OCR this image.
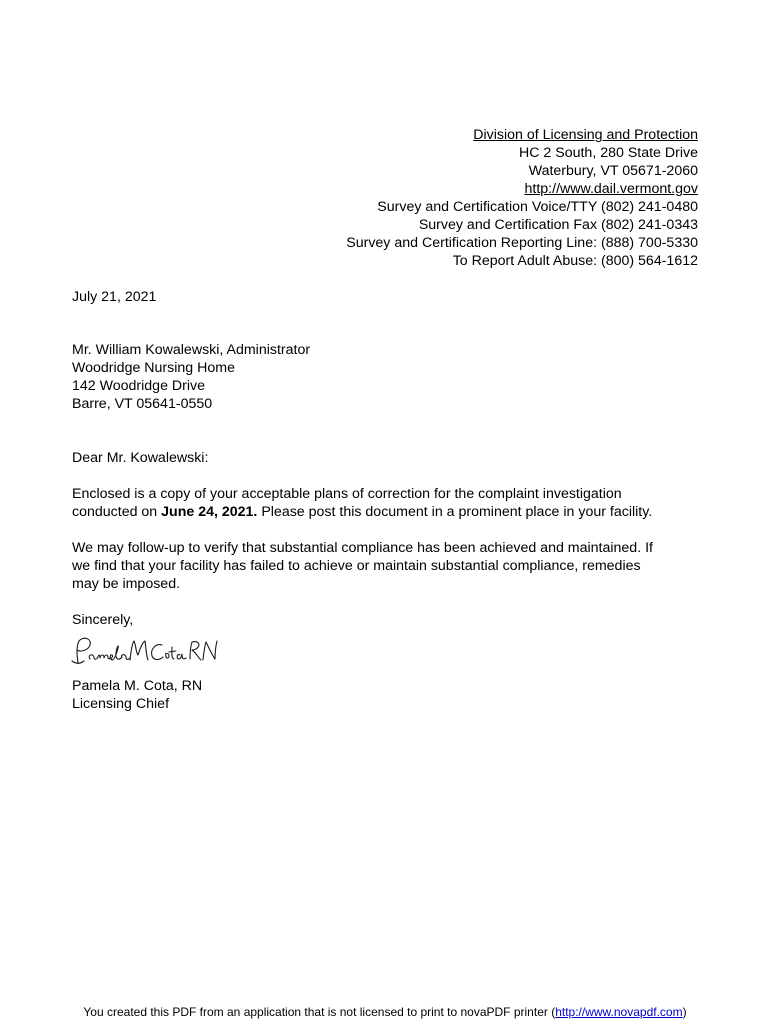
Division of Licensing and Protection
HC 2 South, 280 State Drive
Waterbury, VT 05671-2060
http://www.dail.vermont.gov
Survey and Certification Voice/TTY (802) 241-0480
Survey and Certification Fax (802) 241-0343
Survey and Certification Reporting Line: (888) 700-5330
To Report Adult Abuse: (800) 564-1612
July 21, 2021
Mr. William Kowalewski, Administrator
Woodridge Nursing Home
142 Woodridge Drive
Barre, VT 05641-0550
Dear Mr. Kowalewski:
Enclosed is a copy of your acceptable plans of correction for the complaint investigation
conducted on June 24, 2021. Please post this document in a prominent place in your facility.
We may follow-up to verify that substantial compliance has been achieved and maintained. If
we find that your facility has failed to achieve or maintain substantial compliance, remedies
may be imposed.
Sincerely,
Pamela M. Cota, RN
Licensing Chief
You created this PDF from an application that is not licensed to print to novaPDF printer (http://www.novapdf.com)
